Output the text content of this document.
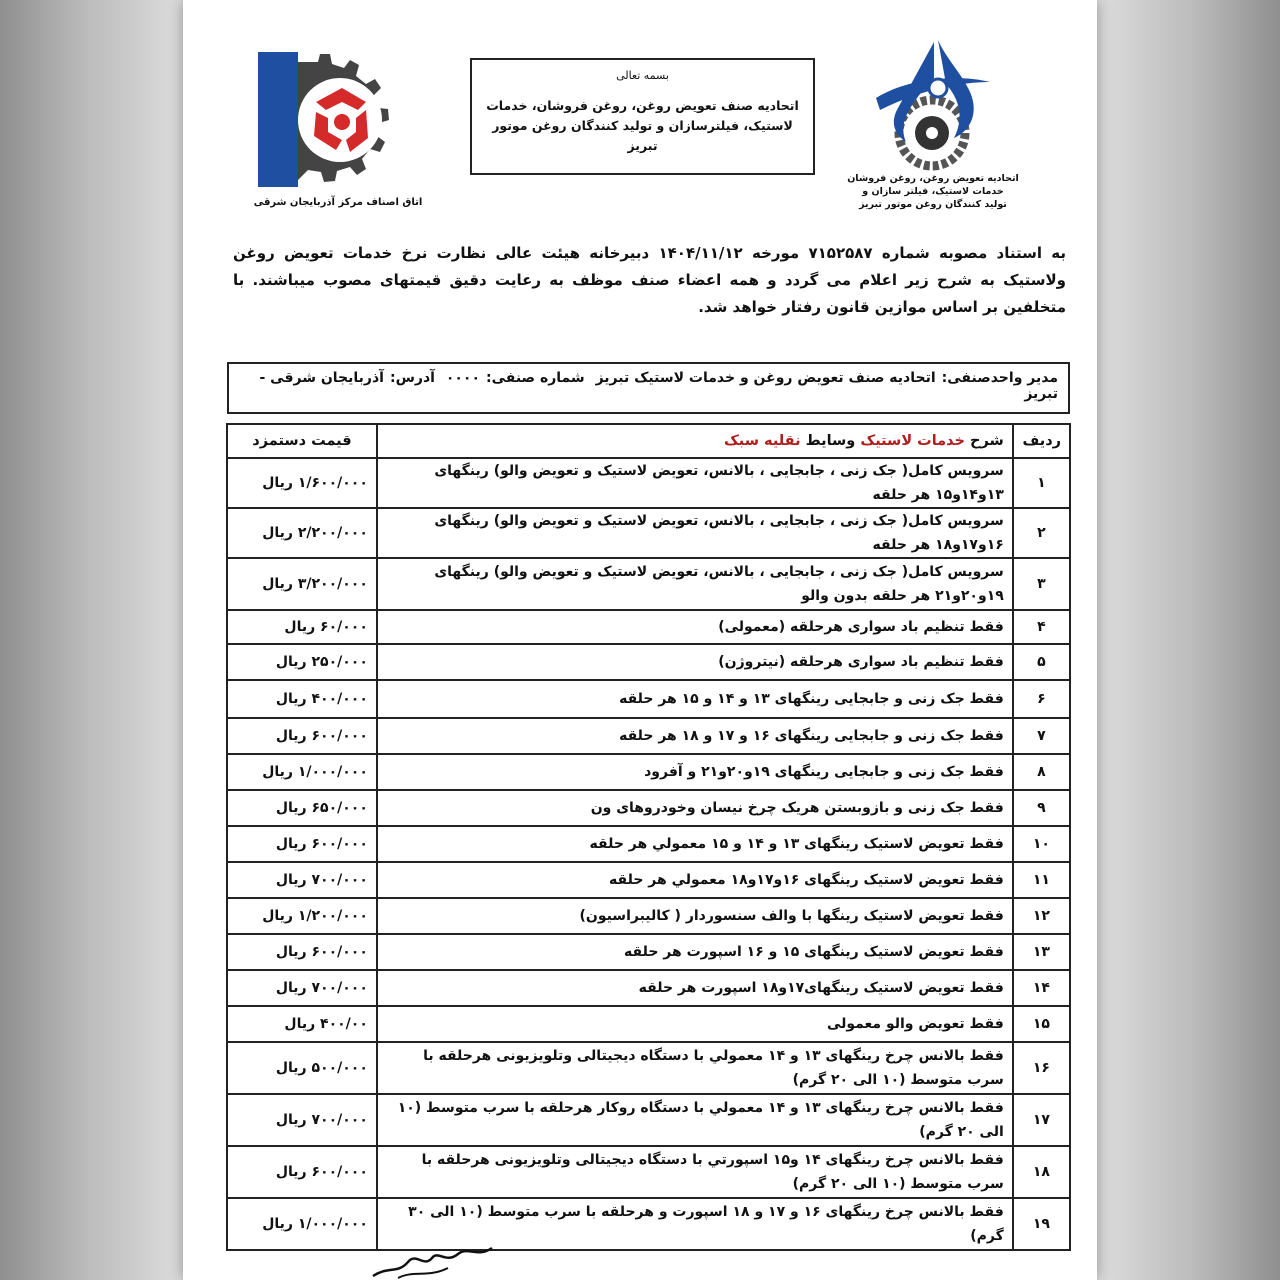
اتاق اصناف مرکز آذربایجان شرقی
بسمه تعالی
اتحادیه صنف تعویض روغن، روغن فروشان، خدمات
لاستیک، فیلترسازان و تولید کنندگان روغن موتور تبریز
اتحادیه تعویض روغن، روغن فروشان
خدمات لاستیک، فیلتر سازان و
تولید کنندگان روغن موتور تبریز
به استناد مصوبه شماره ۷۱۵۲۵۸۷ مورخه ۱۴۰۴/۱۱/۱۲ دبیرخانه هیئت عالی نظارت نرخ خدمات تعویض روغن ولاستیک به شرح زیر اعلام می گردد و همه اعضاء صنف موظف به رعایت دقیق قیمتهای مصوب میباشند. با متخلفین بر اساس موازین قانون رفتار خواهد شد.
مدیر واحدصنفی:اتحادیه صنف تعویض روغن و خدمات لاستیک تبریز شماره صنفی:۰۰۰۰ آدرس:آذربایجان شرقی - تبریز
ردیف	شرح خدمات لاستیک وسایط نقلیه سبک	قیمت دستمزد
۱	سرویس کامل( جک زنی ، جابجایی ، بالانس، تعویض لاستیک و تعویض والو) رینگهای ۱۳و۱۴و۱۵ هر حلقه	۱/۶۰۰/۰۰۰ ریال
۲	سرویس کامل( جک زنی ، جابجایی ، بالانس، تعویض لاستیک و تعویض والو) رینگهای ۱۶و۱۷و۱۸ هر حلقه	۲/۲۰۰/۰۰۰ ریال
۳	سرویس کامل( جک زنی ، جابجایی ، بالانس، تعویض لاستیک و تعویض والو) رینگهای ۱۹و۲۰و۲۱ هر حلقه بدون والو	۳/۲۰۰/۰۰۰ ریال
۴	فقط تنظیم باد سواری هرحلقه (معمولی)	۶۰/۰۰۰ ریال
۵	فقط تنظیم باد سواری هرحلقه (نیتروژن)	۲۵۰/۰۰۰ ریال
۶	فقط جک زنی و جابجایی رینگهای ۱۳ و ۱۴ و ۱۵ هر حلقه	۴۰۰/۰۰۰ ریال
۷	فقط جک زنی و جابجایی رینگهای ۱۶ و ۱۷ و ۱۸ هر حلقه	۶۰۰/۰۰۰ ریال
۸	فقط جک زنی و جابجایی رینگهای ۱۹و۲۰و۲۱ و آفرود	۱/۰۰۰/۰۰۰ ریال
۹	فقط جک زنی و بازوبستن هریک چرخ نیسان وخودروهای ون	۶۵۰/۰۰۰ ریال
۱۰	فقط تعویض لاستیک رینگهای ۱۳ و ۱۴ و ۱۵ معمولي هر حلقه	۶۰۰/۰۰۰ ریال
۱۱	فقط تعویض لاستیک رینگهای ۱۶و۱۷و۱۸ معمولي هر حلقه	۷۰۰/۰۰۰ ریال
۱۲	فقط تعویض لاستیک رینگها با والف سنسوردار ( کالیبراسیون)	۱/۲۰۰/۰۰۰ ریال
۱۳	فقط تعویض لاستیک رینگهای ۱۵ و ۱۶ اسپورت هر حلقه	۶۰۰/۰۰۰ ریال
۱۴	فقط تعویض لاستیک رینگهای۱۷و۱۸ اسپورت هر حلقه	۷۰۰/۰۰۰ ریال
۱۵	فقط تعویض والو معمولی	۴۰۰/۰۰ ریال
۱۶	فقط بالانس چرخ رینگهای ۱۳ و ۱۴ معمولي با دستگاه دیجیتالی وتلویزیونی هرحلقه با سرب متوسط (۱۰ الی ۲۰ گرم)	۵۰۰/۰۰۰ ریال
۱۷	فقط بالانس چرخ رینگهای ۱۳ و ۱۴ معمولي با دستگاه روکار هرحلقه با سرب متوسط (۱۰ الی ۲۰ گرم)	۷۰۰/۰۰۰ ریال
۱۸	فقط بالانس چرخ رینگهای ۱۴ و۱۵ اسپورتي با دستگاه دیجیتالی وتلویزیونی هرحلقه با سرب متوسط (۱۰ الی ۲۰ گرم)	۶۰۰/۰۰۰ ریال
۱۹	فقط بالانس چرخ رینگهای ۱۶ و ۱۷ و ۱۸ اسپورت و هرحلقه با سرب متوسط (۱۰ الی ۳۰ گرم)	۱/۰۰۰/۰۰۰ ریال
